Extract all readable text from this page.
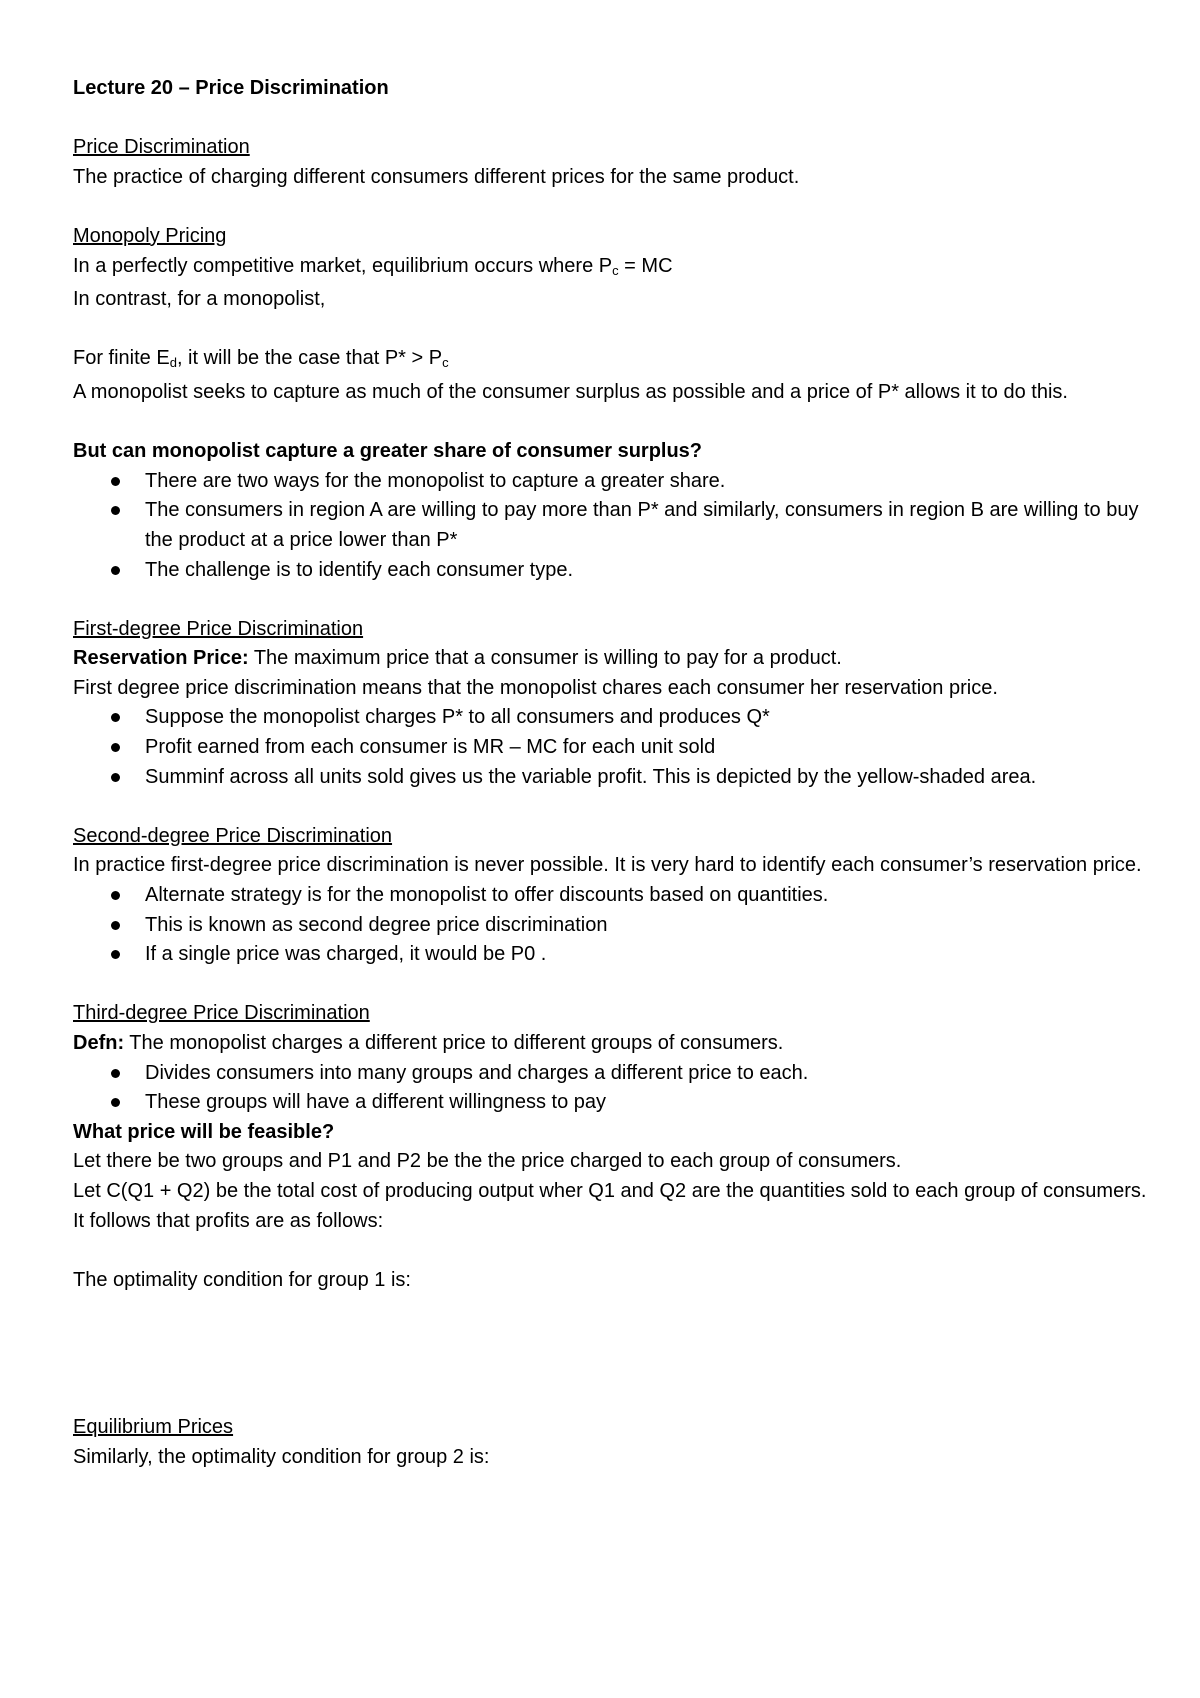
Lecture 20 – Price Discrimination

Price Discrimination

The practice of charging different consumers different prices for the same product.

Monopoly Pricing

In a perfectly competitive market, equilibrium occurs where $P_c$ = MC

In contrast, for a monopolist,

For finite $E_d$, it will be the case that $P* > P_c$

A monopolist seeks to capture as much of the consumer surplus as possible and a price of P* allows it to do this.

But can monopolist capture a greater share of consumer surplus?

There are two ways for the monopolist to capture a greater share.
The consumers in region A are willing to pay more than P* and similarly, consumers in region B are willing to buy the product at a price lower than P*
The challenge is to identify each consumer type.

First-degree Price Discrimination

Reservation Price: The maximum price that a consumer is willing to pay for a product.

First degree price discrimination means that the monopolist chares each consumer her reservation price.

Suppose the monopolist charges P* to all consumers and produces Q*
Profit earned from each consumer is MR – MC for each unit sold
Summinf across all units sold gives us the variable profit. This is depicted by the yellow-shaded area.

Second-degree Price Discrimination

In practice first-degree price discrimination is never possible. It is very hard to identify each consumer’s reservation price.

Alternate strategy is for the monopolist to offer discounts based on quantities.
This is known as second degree price discrimination
If a single price was charged, it would be P0 .

Third-degree Price Discrimination

Defn: The monopolist charges a different price to different groups of consumers.

Divides consumers into many groups and charges a different price to each.
These groups will have a different willingness to pay

What price will be feasible?

Let there be two groups and P1 and P2 be the the price charged to each group of consumers.

Let C(Q1 + Q2) be the total cost of producing output wher Q1 and Q2 are the quantities sold to each group of consumers.

It follows that profits are as follows:

The optimality condition for group 1 is:

Equilibrium Prices

Similarly, the optimality condition for group 2 is:
